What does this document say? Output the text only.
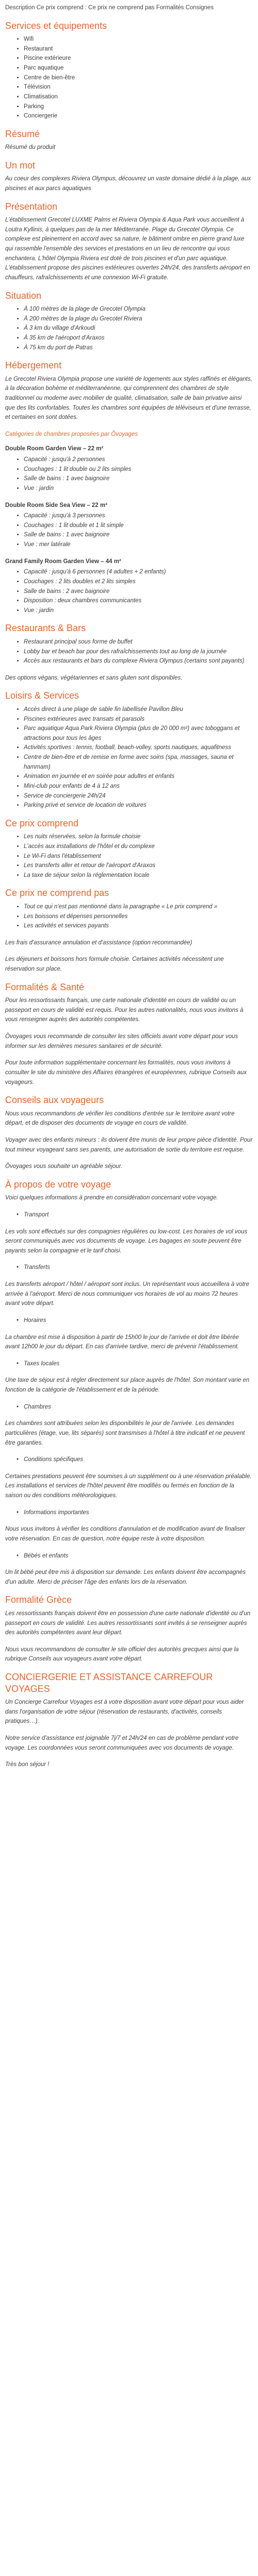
Description Ce prix comprend : Ce prix ne comprend pas Formalités Consignes

Services et équipements
• Wifi
• Restaurant
• Piscine extérieure
• Parc aquatique
• Centre de bien-être
• Télévision
• Climatisation
• Parking
• Conciergerie
Résumé

Résumé du produit

Un mot

Au coeur des complexes Riviera Olympus, découvrez un vaste domaine dédié à la plage, aux piscines et aux parcs aquatiques

Présentation

L'établissement Grecotel LUXME Palms et Riviera Olympia & Aqua Park vous accueillent à Loutra Kyllinis, à quelques pas de la mer Méditerranée. Plage du Grecotel Olympia. Ce complexe est pleinement en accord avec sa nature, le bâtiment ombre en pierre grand luxe qui rassemble l'ensemble des services et prestations en un lieu de rencontre qui vous enchantera. L'hôtel Olympia Riviera est doté de trois piscines et d'un parc aquatique. L'établissement propose des piscines extérieures ouvertes 24h/24, des transferts aéroport en chauffeurs, rafraîchissements et une connexion Wi-Fi gratuite.

Situation
• À 100 mètres de la plage de Grecotel Olympia
• À 200 mètres de la plage du Grecotel Riviera
• À 3 km du village d'Arkoudi
• À 35 km de l'aéroport d'Araxos
• À 75 km du port de Patras
Hébergement

Le Grecotel Riviera Olympia propose une variété de logements aux styles raffinés et élégants, à la décoration bohème et méditerranéenne, qui comprennent des chambres de style traditionnel ou moderne avec mobilier de qualité, climatisation, salle de bain privative ainsi que des lits confortables. Toutes les chambres sont équipées de téléviseurs et d'une terrasse, et certaines en sont dotées.

Catégories de chambres proposées par Ôvoyages

Double Room Garden View – 22 m²

• Capacité : jusqu'à 2 personnes
• Couchages : 1 lit double ou 2 lits simples
• Salle de bains : 1 avec baignoire
• Vue : jardin

Double Room Side Sea View – 22 m²

• Capacité : jusqu'à 3 personnes
• Couchages : 1 lit double et 1 lit simple
• Salle de bains : 1 avec baignoire
• Vue : mer latérale

Grand Family Room Garden View – 44 m²

• Capacité : jusqu'à 6 personnes (4 adultes + 2 enfants)
• Couchages : 2 lits doubles et 2 lits simples
• Salle de bains : 2 avec baignoire
• Disposition : deux chambres communicantes
• Vue : jardin
Restaurants & Bars
• Restaurant principal sous forme de buffet
• Lobby bar et beach bar pour des rafraîchissements tout au long de la journée
• Accès aux restaurants et bars du complexe Riviera Olympus (certains sont payants)

Des options végans, végétariennes et sans gluten sont disponibles.

Loisirs & Services
• Accès direct à une plage de sable fin labellisée Pavillon Bleu
• Piscines extérieures avec transats et parasols
• Parc aquatique Aqua Park Riviera Olympia (plus de 20 000 m²) avec toboggans et attractions pour tous les âges
• Activités sportives : tennis, football, beach-volley, sports nautiques, aquafitness
• Centre de bien-être et de remise en forme avec soins (spa, massages, sauna et hammam)
• Animation en journée et en soirée pour adultes et enfants
• Mini-club pour enfants de 4 à 12 ans
• Service de conciergerie 24h/24
• Parking privé et service de location de voitures
Ce prix comprend
• Les nuits réservées, selon la formule choisie
• L'accès aux installations de l'hôtel et du complexe
• Le Wi-Fi dans l'établissement
• Les transferts aller et retour de l'aéroport d'Araxos
• La taxe de séjour selon la réglementation locale
Ce prix ne comprend pas
• Tout ce qui n'est pas mentionné dans la paragraphe « Le prix comprend »
• Les boissons et dépenses personnelles
• Les activités et services payants

Les frais d'assurance annulation et d'assistance (option recommandée)

Les déjeuners et boissons hors formule choisie. Certaines activités nécessitent une réservation sur place.

Formalités & Santé

Pour les ressortissants français, une carte nationale d'identité en cours de validité ou un passeport en cours de validité est requis. Pour les autres nationalités, nous vous invitons à vous renseigner auprès des autorités compétentes.

Ôvoyages vous recommande de consulter les sites officiels avant votre départ pour vous informer sur les dernières mesures sanitaires et de sécurité.

Pour toute information supplémentaire concernant les formalités, nous vous invitons à consulter le site du ministère des Affaires étrangères et européennes, rubrique Conseils aux voyageurs.

Conseils aux voyageurs

Nous vous recommandons de vérifier les conditions d'entrée sur le territoire avant votre départ, et de disposer des documents de voyage en cours de validité.

Voyager avec des enfants mineurs : ils doivent être munis de leur propre pièce d'identité. Pour tout mineur voyageant sans ses parents, une autorisation de sortie du territoire est requise.

Ôvoyages vous souhaite un agréable séjour.

À propos de votre voyage

Voici quelques informations à prendre en considération concernant votre voyage.

• Transport

Les vols sont effectués sur des compagnies régulières ou low-cost. Les horaires de vol vous seront communiqués avec vos documents de voyage. Les bagages en soute peuvent être payants selon la compagnie et le tarif choisi.

• Transferts

Les transferts aéroport / hôtel / aéroport sont inclus. Un représentant vous accueillera à votre arrivée à l'aéroport. Merci de nous communiquer vos horaires de vol au moins 72 heures avant votre départ.

• Horaires

La chambre est mise à disposition à partir de 15h00 le jour de l'arrivée et doit être libérée avant 12h00 le jour du départ. En cas d'arrivée tardive, merci de prévenir l'établissement.

• Taxes locales

Une taxe de séjour est à régler directement sur place auprès de l'hôtel. Son montant varie en fonction de la catégorie de l'établissement et de la période.

• Chambres

Les chambres sont attribuées selon les disponibilités le jour de l'arrivée. Les demandes particulières (étage, vue, lits séparés) sont transmises à l'hôtel à titre indicatif et ne peuvent être garanties.

• Conditions spécifiques

Certaines prestations peuvent être soumises à un supplément ou à une réservation préalable. Les installations et services de l'hôtel peuvent être modifiés ou fermés en fonction de la saison ou des conditions météorologiques.

• Informations importantes

Nous vous invitons à vérifier les conditions d'annulation et de modification avant de finaliser votre réservation. En cas de question, notre équipe reste à votre disposition.

• Bébés et enfants

Un lit bébé peut être mis à disposition sur demande. Les enfants doivent être accompagnés d'un adulte. Merci de préciser l'âge des enfants lors de la réservation.

Formalité Grèce

Les ressortissants français doivent être en possession d'une carte nationale d'identité ou d'un passeport en cours de validité. Les autres ressortissants sont invités à se renseigner auprès des autorités compétentes avant leur départ.

Nous vous recommandons de consulter le site officiel des autorités grecques ainsi que la rubrique Conseils aux voyageurs avant votre départ.

CONCIERGERIE ET ASSISTANCE CARREFOUR VOYAGES

Un Concierge Carrefour Voyages est à votre disposition avant votre départ pour vous aider dans l'organisation de votre séjour (réservation de restaurants, d'activités, conseils pratiques…).

Notre service d'assistance est joignable 7j/7 et 24h/24 en cas de problème pendant votre voyage. Les coordonnées vous seront communiquées avec vos documents de voyage.

Très bon séjour !
